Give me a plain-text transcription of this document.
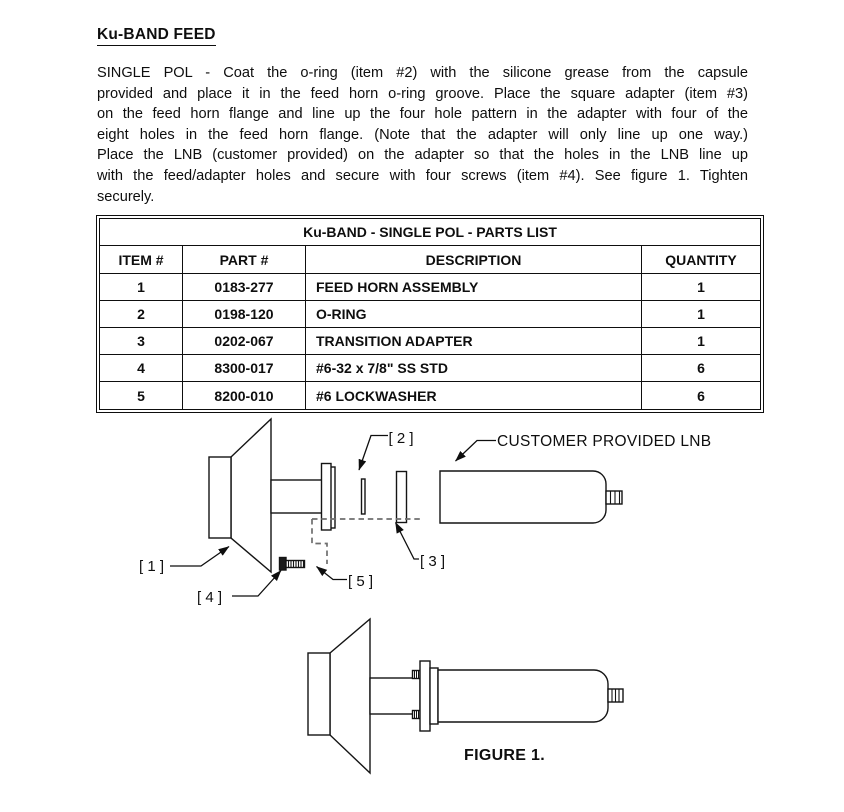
Ku-BAND FEED
SINGLE POL - Coat the o-ring (item #2) with the silicone grease from the capsule
provided and place it in the feed horn o-ring groove. Place the square adapter (item #3)
on the feed horn flange and line up the four hole pattern in the adapter with four of the
eight holes in the feed horn flange. (Note that the adapter will only line up one way.)
Place the LNB (customer provided) on the adapter so that the holes in the LNB line up
with the feed/adapter holes and secure with four screws (item #4). See figure 1. Tighten
securely.
Ku-BAND - SINGLE POL - PARTS LIST
ITEM #	PART #	DESCRIPTION	QUANTITY
1	0183-277	FEED HORN ASSEMBLY	1
2	0198-120	O-RING	1
3	0202-067	TRANSITION ADAPTER	1
4	8300-017	#6-32 x 7/8" SS STD	6
5	8200-010	#6 LOCKWASHER	6
[ 1 ]
[ 2 ]
[ 3 ]
[ 4 ]
[ 5 ]
CUSTOMER PROVIDED LNB
FIGURE 1.
